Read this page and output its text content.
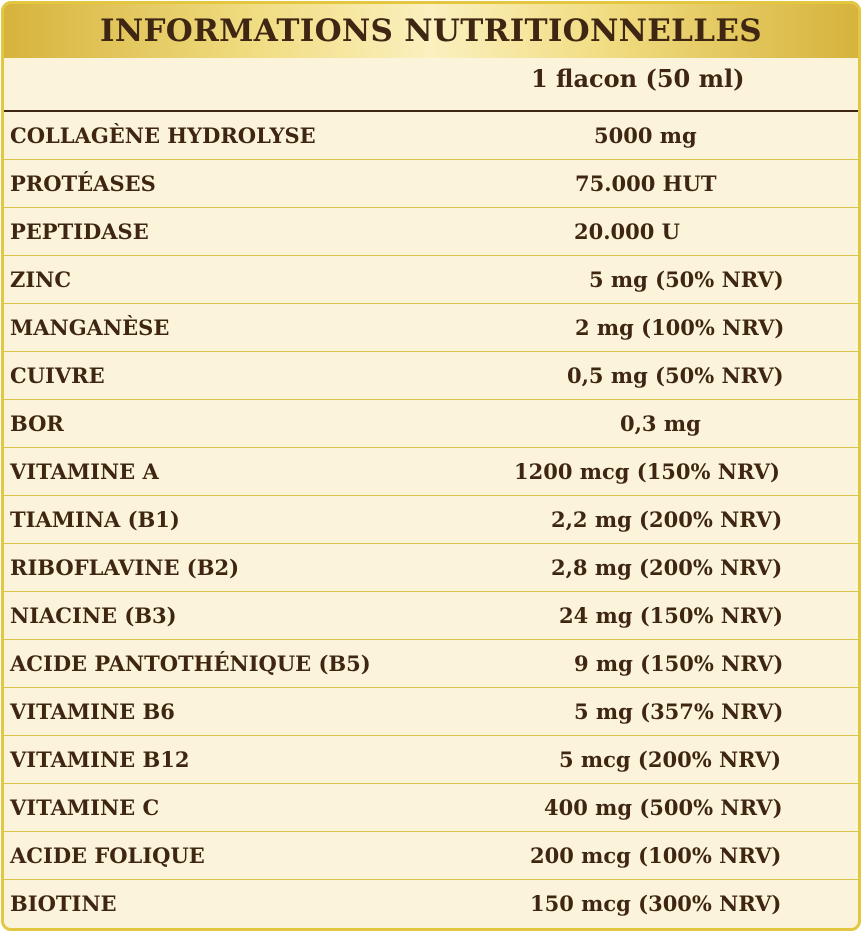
INFORMATIONS NUTRITIONNELLES
1 flacon (50 ml)
COLLAGÈNE HYDROLYSE	5000 mg
PROTÉASES	75.000 HUT
PEPTIDASE	20.000 U
ZINC	5 mg (50% NRV)
MANGANÈSE	2 mg (100% NRV)
CUIVRE	0,5 mg (50% NRV)
BOR	0,3 mg
VITAMINE A	1200 mcg (150% NRV)
TIAMINA (B1)	2,2 mg (200% NRV)
RIBOFLAVINE (B2)	2,8 mg (200% NRV)
NIACINE (B3)	24 mg (150% NRV)
ACIDE PANTOTHÉNIQUE (B5)	9 mg (150% NRV)
VITAMINE B6	5 mg (357% NRV)
VITAMINE B12	5 mcg (200% NRV)
VITAMINE C	400 mg (500% NRV)
ACIDE FOLIQUE	200 mcg (100% NRV)
BIOTINE	150 mcg (300% NRV)
